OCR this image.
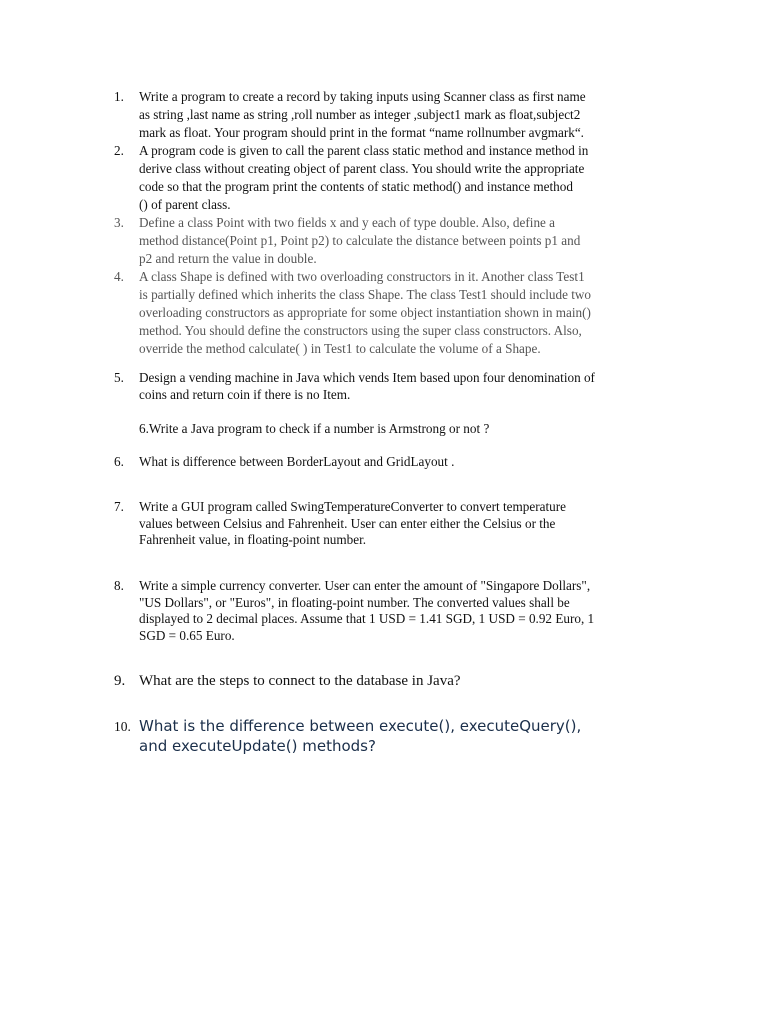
1.	Write a program to create a record by taking inputs using Scanner class as first name
as string ,last name as string ,roll number as integer ,subject1 mark as float,subject2
mark as float. Your program should print in the format “name rollnumber avgmark“.
2.	A program code is given to call the parent class static method and instance method in
derive class without creating object of parent class. You should write the appropriate
code so that the program print the contents of static method() and instance method
() of parent class.
3.	Define a class Point with two fields x and y each of type double. Also, define a
method distance(Point p1, Point p2) to calculate the distance between points p1 and
p2 and return the value in double.
4.	A class Shape is defined with two overloading constructors in it. Another class Test1
is partially defined which inherits the class Shape. The class Test1 should include two
overloading constructors as appropriate for some object instantiation shown in main()
method. You should define the constructors using the super class constructors. Also,
override the method calculate( ) in Test1 to calculate the volume of a Shape.
5.	Design a vending machine in Java which vends Item based upon four denomination of
coins and return coin if there is no Item.
6.Write a Java program to check if a number is Armstrong or not ?
6.	What is difference between BorderLayout and GridLayout .
7.	Write a GUI program called SwingTemperatureConverter to convert temperature
values between Celsius and Fahrenheit. User can enter either the Celsius or the
Fahrenheit value, in floating-point number.
8.	Write a simple currency converter. User can enter the amount of "Singapore Dollars",
"US Dollars", or "Euros", in floating-point number. The converted values shall be
displayed to 2 decimal places. Assume that 1 USD = 1.41 SGD, 1 USD = 0.92 Euro, 1
SGD = 0.65 Euro.
9. What are the steps to connect to the database in Java?
10. What is the difference between execute(), executeQuery(),
and executeUpdate() methods?
